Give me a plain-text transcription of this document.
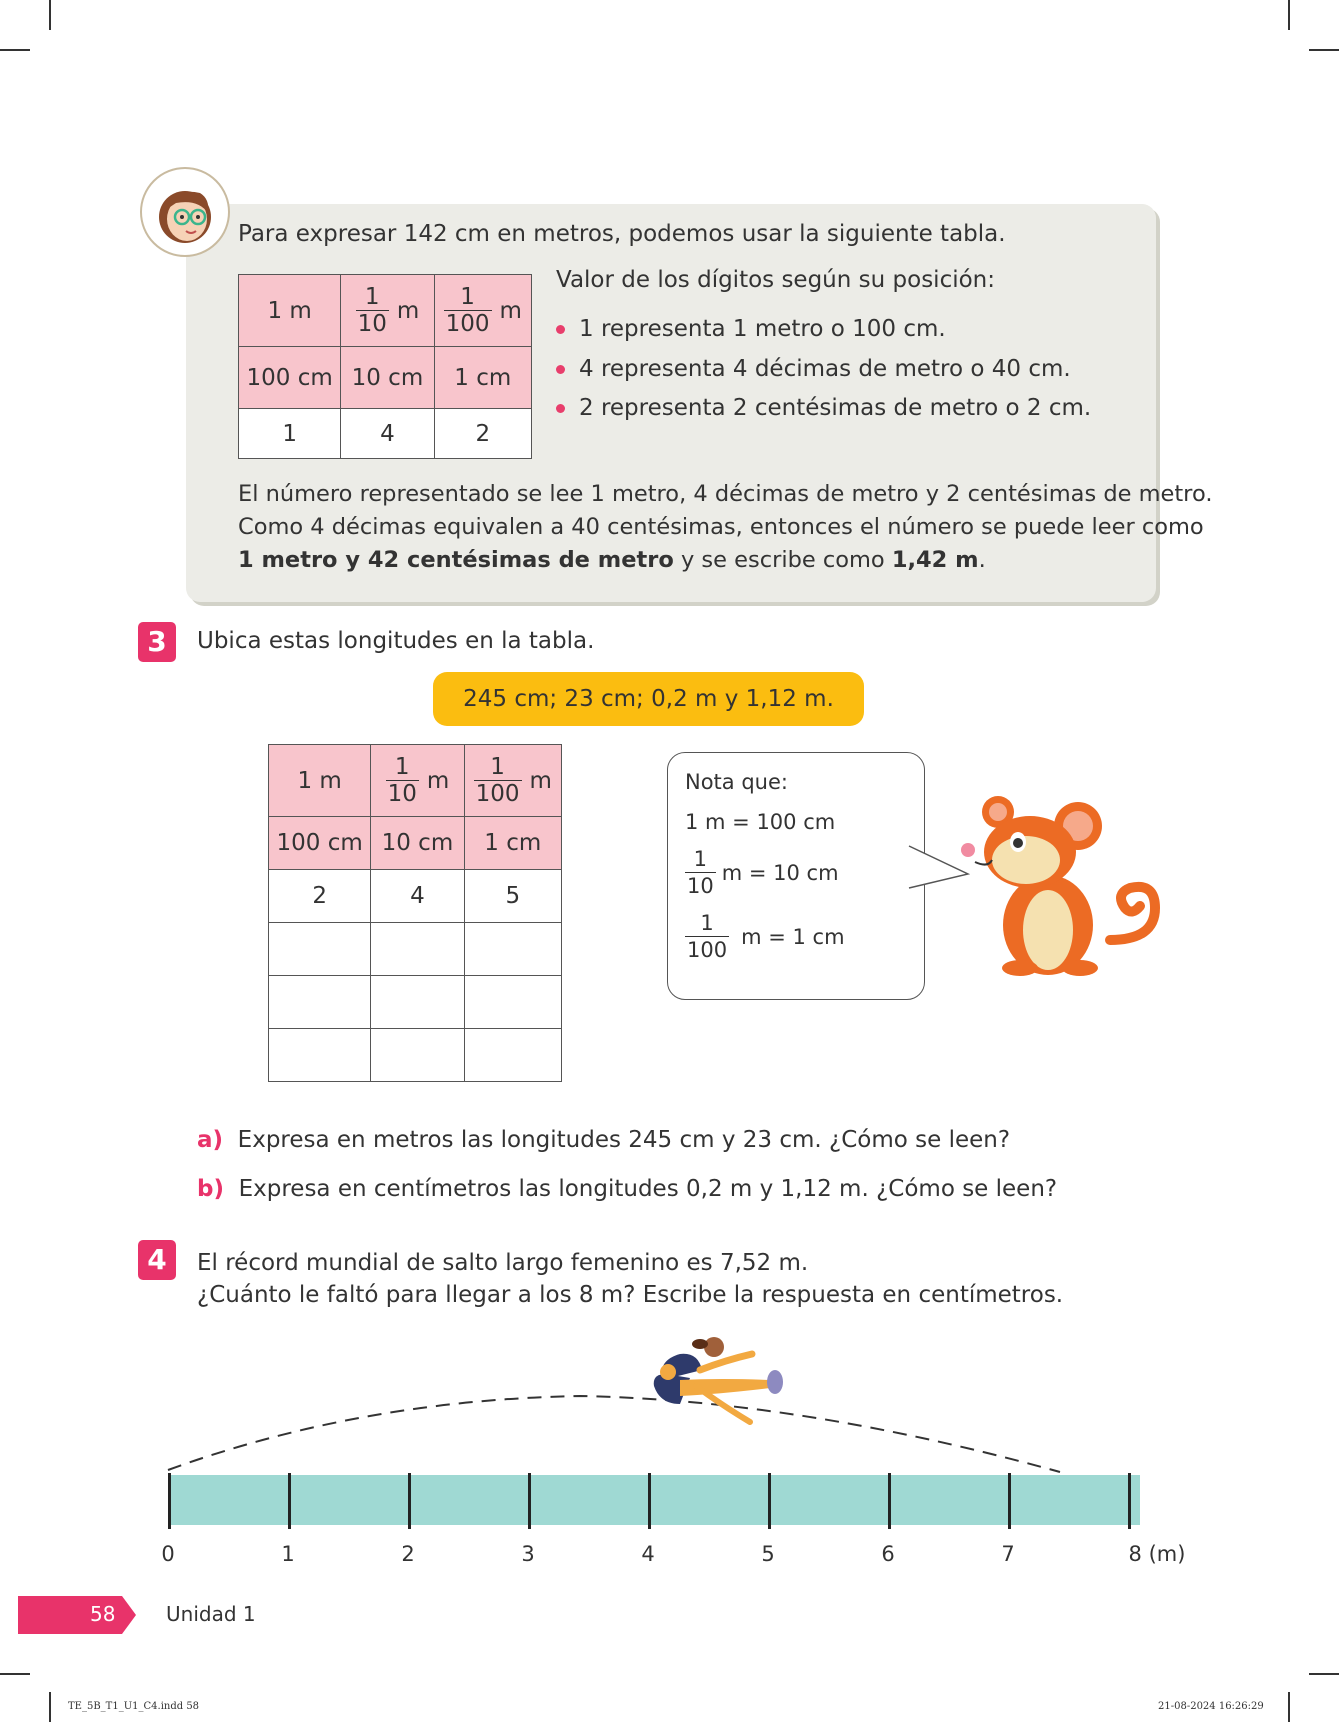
Para expresar 142 cm en metros, podemos usar la siguiente tabla.
1 m	$\frac{1}{10}$ m	$\frac{1}{100}$ m

100 cm	10 cm	1 cm
1	4	2
Valor de los dígitos según su posición:
1 representa 1 metro o 100 cm.
4 representa 4 décimas de metro o 40 cm.
2 representa 2 centésimas de metro o 2 cm.
El número representado se lee 1 metro, 4 décimas de metro y 2 centésimas de metro.
Como 4 décimas equivalen a 40 centésimas, entonces el número se puede leer como
1 metro y 42 centésimas de metro y se escribe como 1,42 m.
3	Ubica estas longitudes en la tabla.
245 cm; 23 cm; 0,2 m y 1,12 m.
1 m	$\frac{1}{10}$ m	$\frac{1}{100}$ m

100 cm	10 cm	1 cm
2	4	5

Nota que:
1 m = 100 cm
$\frac{1}{10}$ m = 10 cm
$\frac{1}{100}$ m = 1 cm
a) Expresa en metros las longitudes 245 cm y 23 cm. ¿Cómo se leen?
b) Expresa en centímetros las longitudes 0,2 m y 1,12 m. ¿Cómo se leen?
4	El récord mundial de salto largo femenino es 7,52 m.
¿Cuánto le faltó para llegar a los 8 m? Escribe la respuesta en centímetros.
0	1	2	3	4	5	6	7	8 (m)
58	Unidad 1
TE_5B_T1_U1_C4.indd 58	21-08-2024 16:26:29
